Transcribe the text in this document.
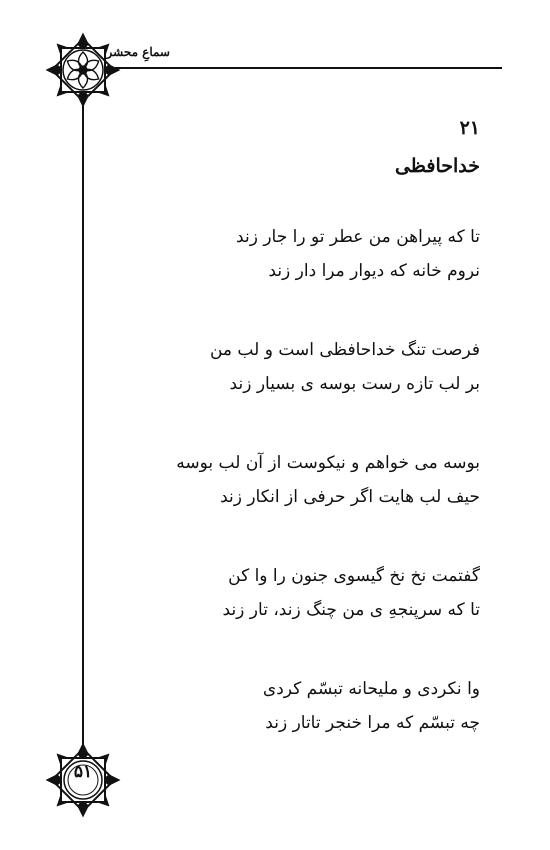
سماعِ محشر
۲۱
خداحافظی
تا که پیراهن من عطر تو را جار زند
نروم خانه که دیوار مرا دار زند
فرصت تنگ خداحافظی است و لب من
بر لب تازه رست بوسه ی بسیار زند
بوسه می خواهم و نیکوست از آن لب بوسه
حیف لب هایت اگر حرفی از انکار زند
گفتمت نخ نخ گیسوی جنون را وا کن
تا که سرپنجهِ ی من چنگ زند، تار زند
وا نکردی و ملیحانه تبسّم کردی
چه تبسّم که مرا خنجر تاتار زند
۵۱
